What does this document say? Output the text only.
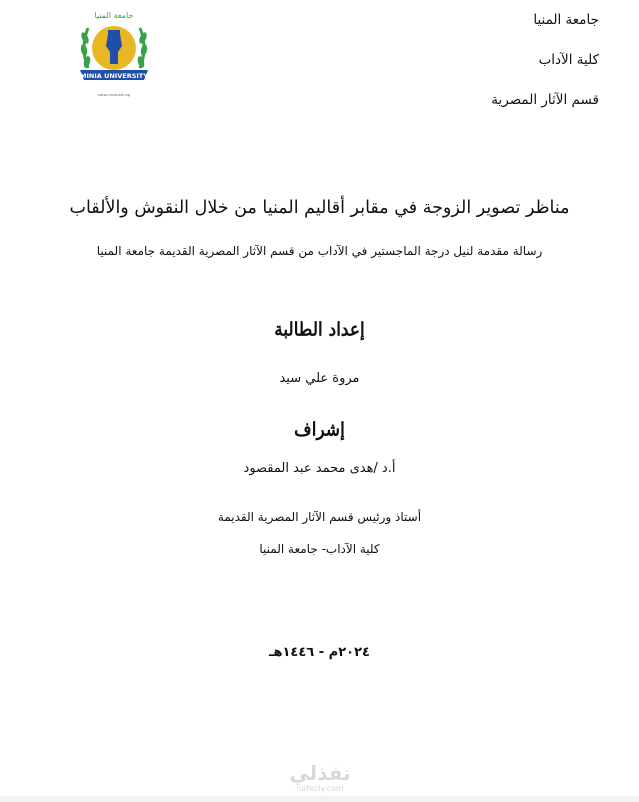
جامعة المنيا
MINIA UNIVERSITY
www.minia.edu.eg
جامعة المنيا
كلية الآداب
قسم الآثار المصرية
مناظر تصوير الزوجة في مقابر أقاليم المنيا من خلال النقوش والألقاب
رسالة مقدمة لنيل درجة الماجستير في الآداب من قسم الآثار المصرية القديمة جامعة المنيا
إعداد الطالبة
مروة علي سيد
إشراف
أ.د /هدى محمد عبد المقصود
أستاذ ورئيس قسم الآثار المصرية القديمة
كلية الآداب- جامعة المنيا
٢٠٢٤م - ١٤٤٦هـ
نفذلي
nafezly.com
